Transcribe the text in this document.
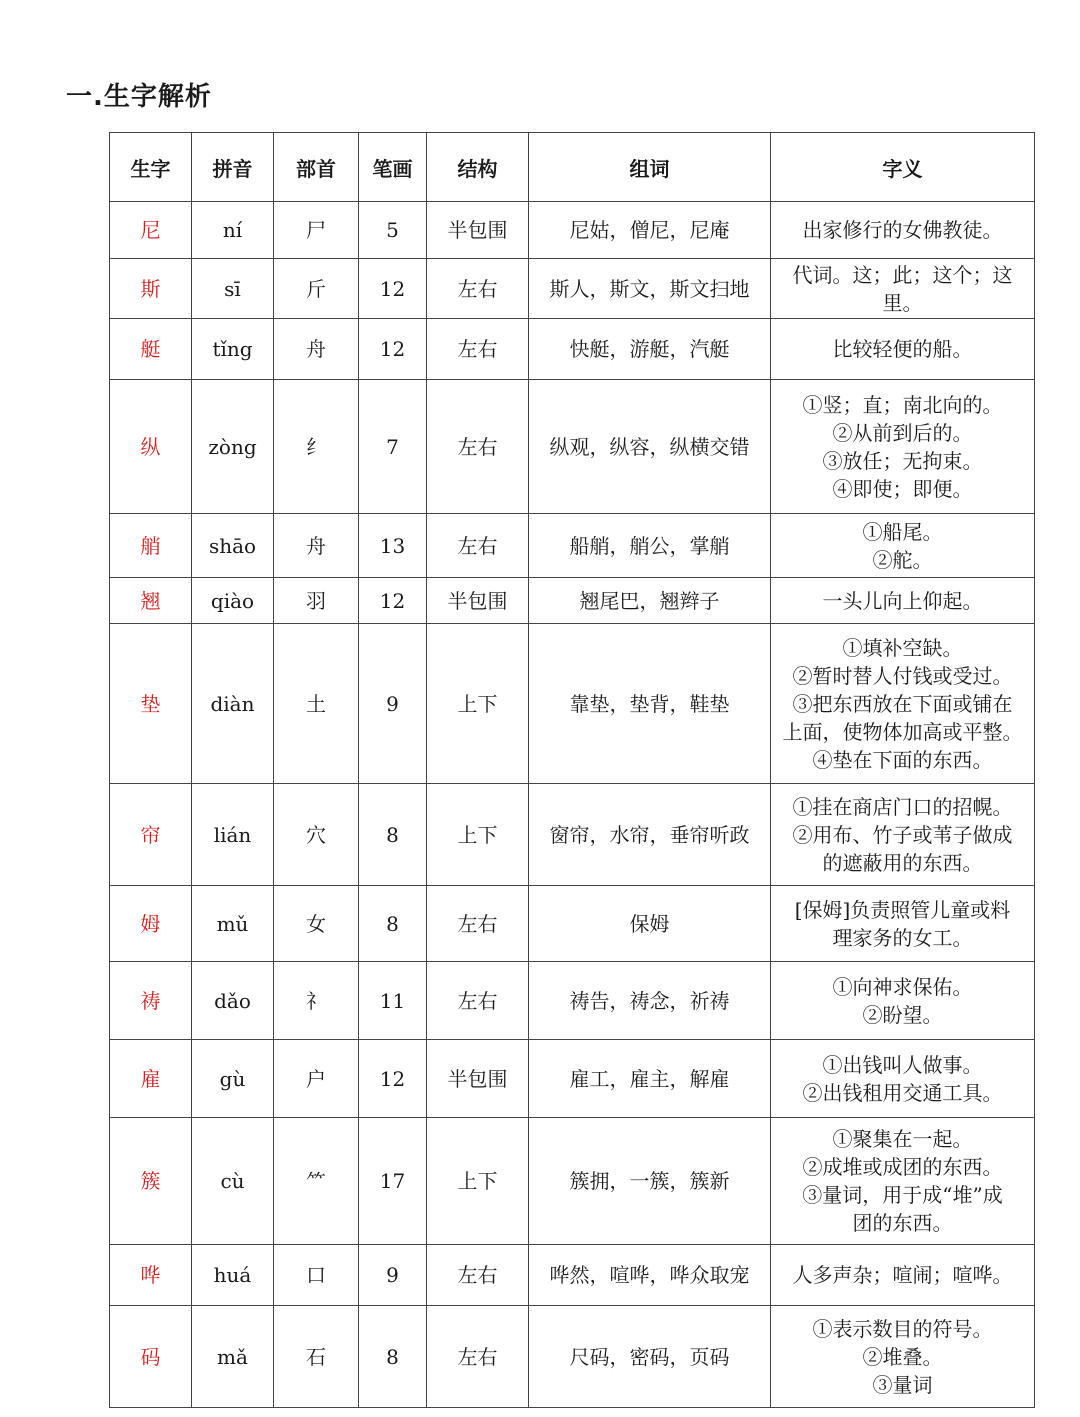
一.生字解析
生字	拼音	部首	笔画	结构	组词	字义
尼	ní	尸	5	半包围	尼姑，僧尼，尼庵	出家修行的女佛教徒。

斯	sī	斤	12	左右	斯人，斯文，斯文扫地	代词。这；此；这个；这
里。

艇	tǐng	舟	12	左右	快艇，游艇，汽艇	比较轻便的船。

纵	zòng	纟	7	左右	纵观，纵容，纵横交错	①竖；直；南北向的。
②从前到后的。
③放任；无拘束。
④即使；即便。

艄	shāo	舟	13	左右	船艄，艄公，掌艄	①船尾。
②舵。

翘	qiào	羽	12	半包围	翘尾巴，翘辫子	一头儿向上仰起。

垫	diàn	土	9	上下	靠垫，垫背，鞋垫	①填补空缺。
②暂时替人付钱或受过。
③把东西放在下面或铺在
上面，使物体加高或平整。
④垫在下面的东西。

帘	lián	穴	8	上下	窗帘，水帘，垂帘听政	①挂在商店门口的招幌。
②用布、竹子或苇子做成
的遮蔽用的东西。

姆	mǔ	女	8	左右	保姆	[保姆]负责照管儿童或料
理家务的女工。

祷	dǎo	礻	11	左右	祷告，祷念，祈祷	①向神求保佑。
②盼望。

雇	gù	户	12	半包围	雇工，雇主，解雇	①出钱叫人做事。
②出钱租用交通工具。

簇	cù	⺮	17	上下	簇拥，一簇，簇新	①聚集在一起。
②成堆或成团的东西。
③量词，用于成“堆”成
团的东西。

哗	huá	口	9	左右	哗然，喧哗，哗众取宠	人多声杂；喧闹；喧哗。

码	mǎ	石	8	左右	尺码，密码，页码	①表示数目的符号。
②堆叠。
③量词
